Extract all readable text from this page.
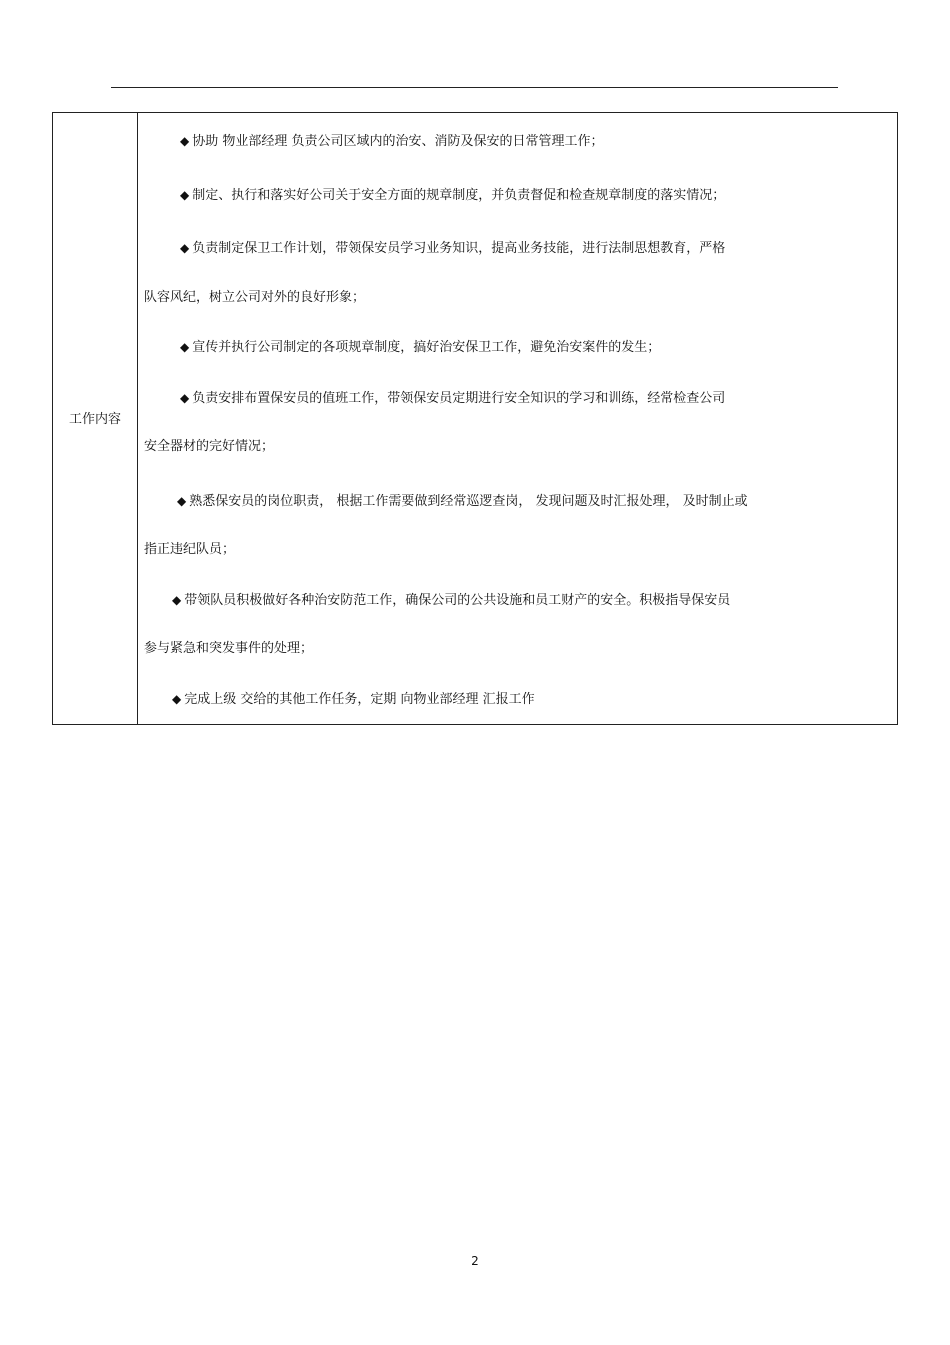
工作内容
◆ 协助 物业部经理 负责公司区域内的治安、消防及保安的日常管理工作；
◆ 制定、执行和落实好公司关于安全方面的规章制度，并负责督促和检查规章制度的落实情况；
◆ 负责制定保卫工作计划，带领保安员学习业务知识，提高业务技能，进行法制思想教育，严格
队容风纪，树立公司对外的良好形象；
◆ 宣传并执行公司制定的各项规章制度，搞好治安保卫工作，避免治安案件的发生；
◆ 负责安排布置保安员的值班工作，带领保安员定期进行安全知识的学习和训练，经常检查公司
安全器材的完好情况；
◆ 熟悉保安员的岗位职责， 根据工作需要做到经常巡逻查岗， 发现问题及时汇报处理， 及时制止或
指正违纪队员；
◆ 带领队员积极做好各种治安防范工作，确保公司的公共设施和员工财产的安全。积极指导保安员
参与紧急和突发事件的处理；
◆ 完成上级 交给的其他工作任务，定期 向物业部经理 汇报工作
2
